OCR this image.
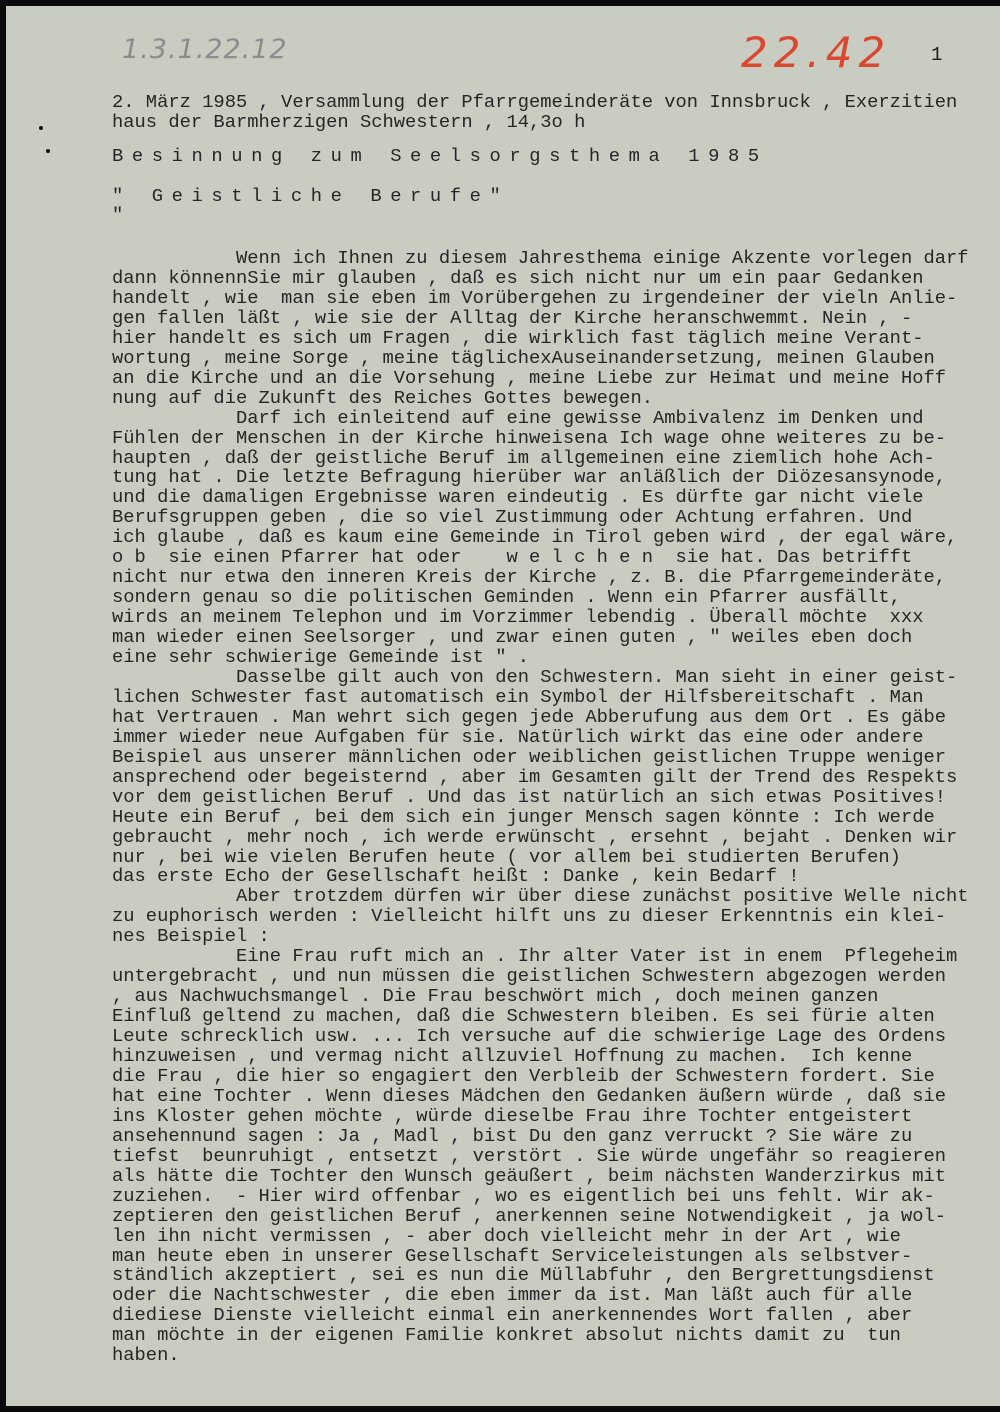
1.3.1.22.12	22.42 1
2. März 1985 , Versammlung der Pfarrgemeinderäte von Innsbruck , Exerzitien
haus der Barmherzigen Schwestern , 14,3o h
Besinnung zum Seelsorgsthema 1985
" Geistliche Berufe"
"
Wenn ich Ihnen zu diesem Jahresthema einige Akzente vorlegen darf
dann könnennSie mir glauben , daß es sich nicht nur um ein paar Gedanken
handelt , wie  man sie eben im Vorübergehen zu irgendeiner der vieln Anlie-
gen fallen läßt , wie sie der Alltag der Kirche heranschwemmt. Nein , -
hier handelt es sich um Fragen , die wirklich fast täglich meine Verant-
wortung , meine Sorge , meine täglichexAuseinandersetzung, meinen Glauben
an die Kirche und an die Vorsehung , meine Liebe zur Heimat und meine Hoff
nung auf die Zukunft des Reiches Gottes bewegen.
Darf ich einleitend auf eine gewisse Ambivalenz im Denken und
Fühlen der Menschen in der Kirche hinweisena Ich wage ohne weiteres zu be-
haupten , daß der geistliche Beruf im allgemeinen eine ziemlich hohe Ach-
tung hat . Die letzte Befragung hierüber war anläßlich der Diözesansynode,
und die damaligen Ergebnisse waren eindeutig . Es dürfte gar nicht viele
Berufsgruppen geben , die so viel Zustimmung oder Achtung erfahren. Und
ich glaube , daß es kaum eine Gemeinde in Tirol geben wird , der egal wäre,
o b  sie einen Pfarrer hat oder    w e l c h e n  sie hat. Das betrifft
nicht nur etwa den inneren Kreis der Kirche , z. B. die Pfarrgemeinderäte,
sondern genau so die politischen Geminden . Wenn ein Pfarrer ausfällt,
wirds an meinem Telephon und im Vorzimmer lebendig . Überall möchte  xxx
man wieder einen Seelsorger , und zwar einen guten , " weiles eben doch
eine sehr schwierige Gemeinde ist " .
Dasselbe gilt auch von den Schwestern. Man sieht in einer geist-
lichen Schwester fast automatisch ein Symbol der Hilfsbereitschaft . Man
hat Vertrauen . Man wehrt sich gegen jede Abberufung aus dem Ort . Es gäbe
immer wieder neue Aufgaben für sie. Natürlich wirkt das eine oder andere
Beispiel aus unserer männlichen oder weiblichen geistlichen Truppe weniger
ansprechend oder begeisternd , aber im Gesamten gilt der Trend des Respekts
vor dem geistlichen Beruf . Und das ist natürlich an sich etwas Positives!
Heute ein Beruf , bei dem sich ein junger Mensch sagen könnte : Ich werde
gebraucht , mehr noch , ich werde erwünscht , ersehnt , bejaht . Denken wir
nur , bei wie vielen Berufen heute ( vor allem bei studierten Berufen)
das erste Echo der Gesellschaft heißt : Danke , kein Bedarf !
Aber trotzdem dürfen wir über diese zunächst positive Welle nicht
zu euphorisch werden : Vielleicht hilft uns zu dieser Erkenntnis ein klei-
nes Beispiel :
Eine Frau ruft mich an . Ihr alter Vater ist in enem  Pflegeheim
untergebracht , und nun müssen die geistlichen Schwestern abgezogen werden
, aus Nachwuchsmangel . Die Frau beschwört mich , doch meinen ganzen
Einfluß geltend zu machen, daß die Schwestern bleiben. Es sei fürie alten
Leute schrecklich usw. ... Ich versuche auf die schwierige Lage des Ordens
hinzuweisen , und vermag nicht allzuviel Hoffnung zu machen.  Ich kenne
die Frau , die hier so engagiert den Verbleib der Schwestern fordert. Sie
hat eine Tochter . Wenn dieses Mädchen den Gedanken äußern würde , daß sie
ins Kloster gehen möchte , würde dieselbe Frau ihre Tochter entgeistert
ansehennund sagen : Ja , Madl , bist Du den ganz verruckt ? Sie wäre zu
tiefst  beunruhigt , entsetzt , verstört . Sie würde ungefähr so reagieren
als hätte die Tochter den Wunsch geäußert , beim nächsten Wanderzirkus mit
zuziehen.  - Hier wird offenbar , wo es eigentlich bei uns fehlt. Wir ak-
zeptieren den geistlichen Beruf , anerkennen seine Notwendigkeit , ja wol-
len ihn nicht vermissen , - aber doch vielleicht mehr in der Art , wie
man heute eben in unserer Gesellschaft Serviceleistungen als selbstver-
ständlich akzeptiert , sei es nun die Müllabfuhr , den Bergrettungsdienst
oder die Nachtschwester , die eben immer da ist. Man läßt auch für alle
diediese Dienste vielleicht einmal ein anerkennendes Wort fallen , aber
man möchte in der eigenen Familie konkret absolut nichts damit zu  tun
haben.
